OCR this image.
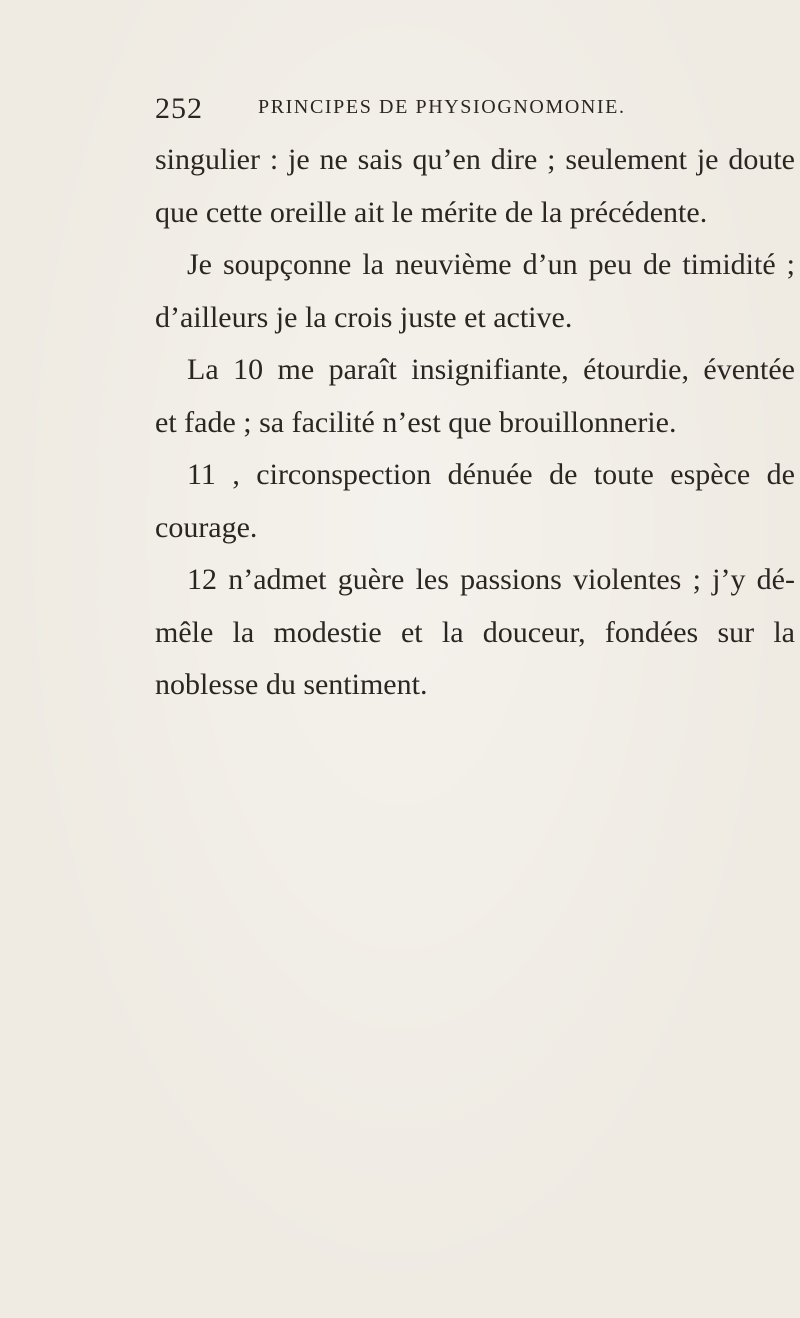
252	PRINCIPES DE PHYSIOGNOMONIE.
singulier : je ne sais qu’en dire ; seulement je doute
que cette oreille ait le mérite de la précédente.
Je soupçonne la neuvième d’un peu de timidité ;
d’ailleurs je la crois juste et active.
La 10 me paraît insignifiante, étourdie, éventée
et fade ; sa facilité n’est que brouillonnerie.
11 , circonspection dénuée de toute espèce de
courage.
12 n’admet guère les passions violentes ; j’y dé-
mêle la modestie et la douceur, fondées sur la
noblesse du sentiment.
